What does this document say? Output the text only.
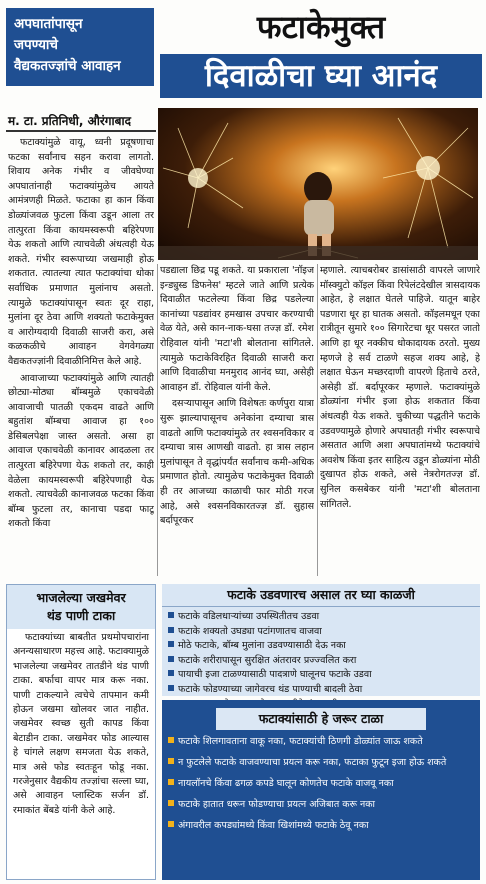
अपघातांपासून
जपण्याचे
वैद्यकतज्ज्ञांचे आवाहन
फटाकेमुक्त
दिवाळीचा घ्या आनंद
म. टा. प्रतिनिधी, औरंगाबाद

फटाक्यांमुळे वायू, ध्वनी प्रदूषणाचा फटका सर्वांनाच सहन करावा लागतो. शिवाय अनेक गंभीर व जीवघेण्या अपघातांनाही फटाक्यांमुळेच आयते आमंत्रणही मिळते. फटाका हा कान किंवा डोळ्यांजवळ फुटला किंवा उडून आला तर तात्पुरता किंवा कायमस्वरूपी बहिरेपणा येऊ शकतो आणि त्याचवेळी अंधत्वही येऊ शकते. गंभीर स्वरूपाच्या जखमाही होऊ शकतात. त्यातल्या त्यात फटाक्यांचा धोका सर्वाधिक प्रमाणात मुलांनाच असतो. त्यामुळे फटाक्यांपासून स्वतः दूर राहा, मुलांना दूर ठेवा आणि शक्यतो फटाकेमुक्त व आरोग्यदायी दिवाळी साजरी करा, असे कळकळीचे आवाहन वेगवेगळ्या वैद्यकतज्ज्ञांनी दिवाळीनिमित्त केले आहे.

आवाजाच्या फटाक्यांमुळे आणि त्यातही छोट्या-मोठ्या बॉम्बमुळे एकाचवेळी आवाजाची पातळी एकदम वाढते आणि बहुतांश बॉम्बचा आवाज हा १०० डेसिबलपेक्षा जास्त असतो. असा हा आवाज एकाचवेळी कानावर आदळला तर तात्पुरता बहिरेपणा येऊ शकतो तर, काही वेळेला कायमस्वरूपी बहिरेपणाही येऊ शकतो. त्याचवेळी कानाजवळ फटका किंवा बॉम्ब फुटला तर, कानाचा पडदा फाटू शकतो किंवा

पडद्याला छिद्र पडू शकते. या प्रकाराला 'नॉइज इन्ड्युस्ड डिफनेस' म्हटले जाते आणि प्रत्येक दिवाळीत फटलेल्या किंवा छिद्र पडलेल्या कानांच्या पडद्यांवर हमखास उपचार करण्याची वेळ येते, असे कान-नाक-घसा तज्ज्ञ डॉ. रमेश रोहिवाल यांनी 'मटा'शी बोलताना सांगितले. त्यामुळे फटाकेविरहित दिवाळी साजरी करा आणि दिवाळीचा मनमुराद आनंद घ्या, असेही आवाहन डॉ. रोहिवाल यांनी केले.

दसऱ्यापासून आणि विशेषतः कर्णपुरा यात्रा सुरू झाल्यापासूनच अनेकांना दम्याचा त्रास वाढतो आणि फटाक्यांमुळे तर श्वसनविकार व दम्याचा त्रास आणखी वाढतो. हा त्रास लहान मुलांपासून ते वृद्धांपर्यंत सर्वांनाच कमी-अधिक प्रमाणात होतो. त्यामुळेच फटाकेमुक्त दिवाळी ही तर आजच्या काळाची फार मोठी गरज आहे, असे श्वसनविकारतज्ज्ञ डॉ. सुहास बर्दापूरकर

म्हणाले. त्याचबरोबर डासांसाठी वापरले जाणारे मॉस्क्युटो कॉइल किंवा रिपेलंटदेखील त्रासदायक आहेत, हे लक्षात घेतले पाहिजे. यातून बाहेर पडणारा धूर हा घातक असतो. कॉइलमधून एका रात्रीतून सुमारे १०० सिगारेटचा धूर पसरत जातो आणि हा धूर नक्कीच धोकादायक ठरतो. मुख्य म्हणजे हे सर्व टाळणे सहज शक्य आहे, हे लक्षात घेऊन मच्छरदाणी वापरणे हिताचे ठरते, असेही डॉ. बर्दापूरकर म्हणाले. फटाक्यांमुळे डोळ्यांना गंभीर इजा होऊ शकतात किंवा अंधत्वही येऊ शकते. चुकीच्या पद्धतीने फटाके उडवण्यामुळे होणारे अपघातही गंभीर स्वरूपाचे असतात आणि अशा अपघातांमध्ये फटाक्यांचे अवशेष किंवा इतर साहित्य उडून डोळ्यांना मोठी दुखापत होऊ शकते, असे नेत्ररोगतज्ज्ञ डॉ. सुनिल कसबेकर यांनी 'मटा'शी बोलताना सांगितले.

भाजलेल्या जखमेवर
थंड पाणी टाका

फटाक्यांच्या बाबतीत प्रथमोपचारांना अनन्यसाधारण महत्त्व आहे. फटाक्यामुळे भाजलेल्या जखमेवर तातडीने थंड पाणी टाका. बर्फाचा वापर मात्र करू नका. पाणी टाकल्याने त्वचेचे तापमान कमी होऊन जखमा खोलवर जात नाहीत. जखमेवर स्वच्छ सुती कापड किंवा बेटाडीन टाका. जखमेवर फोड आल्यास हे चांगले लक्षण समजता येऊ शकते, मात्र असे फोड स्वतःहून फोडू नका. गरजेनुसार वैद्यकीय तज्ज्ञांचा सल्ला घ्या, असे आवाहन प्लास्टिक सर्जन डॉ. रमाकांत बेंबडे यांनी केले आहे.

फटाके उडवणारच असाल तर घ्या काळजी
फटाके वडिलधाऱ्यांच्या उपस्थितीतच उडवा
फटाके शक्यतो उघड्या पटांगणातच वाजवा
मोठे फटाके, बॉम्ब मुलांना उडवण्यासाठी देऊ नका
फटाके शरीरापासून सुरक्षित अंतरावर प्रज्ज्वलित करा
पायाची इजा टाळण्यासाठी पादत्राणे घालूनच फटाके उडवा
फटाके फोडण्याच्या जागेवरच थंड पाण्याची बादली ठेवा
फटाक्यांसाठी हे जरूर टाळा
फटाके शिलगावताना वाकू नका, फटाक्यांची ठिणगी डोळ्यांत जाऊ शकते
न फुटलेले फटाके वाजवण्याचा प्रयत्न करू नका, फटाका फुटून इजा होऊ शकते
नायलॉनचे किंवा ढगळ कपडे घालून कोणतेच फटाके वाजवू नका
फटाके हातात धरून फोडण्याचा प्रयत्न अजिबात करू नका
अंगावरील कपड्यांमध्ये किंवा खिशांमध्ये फटाके ठेवू नका
